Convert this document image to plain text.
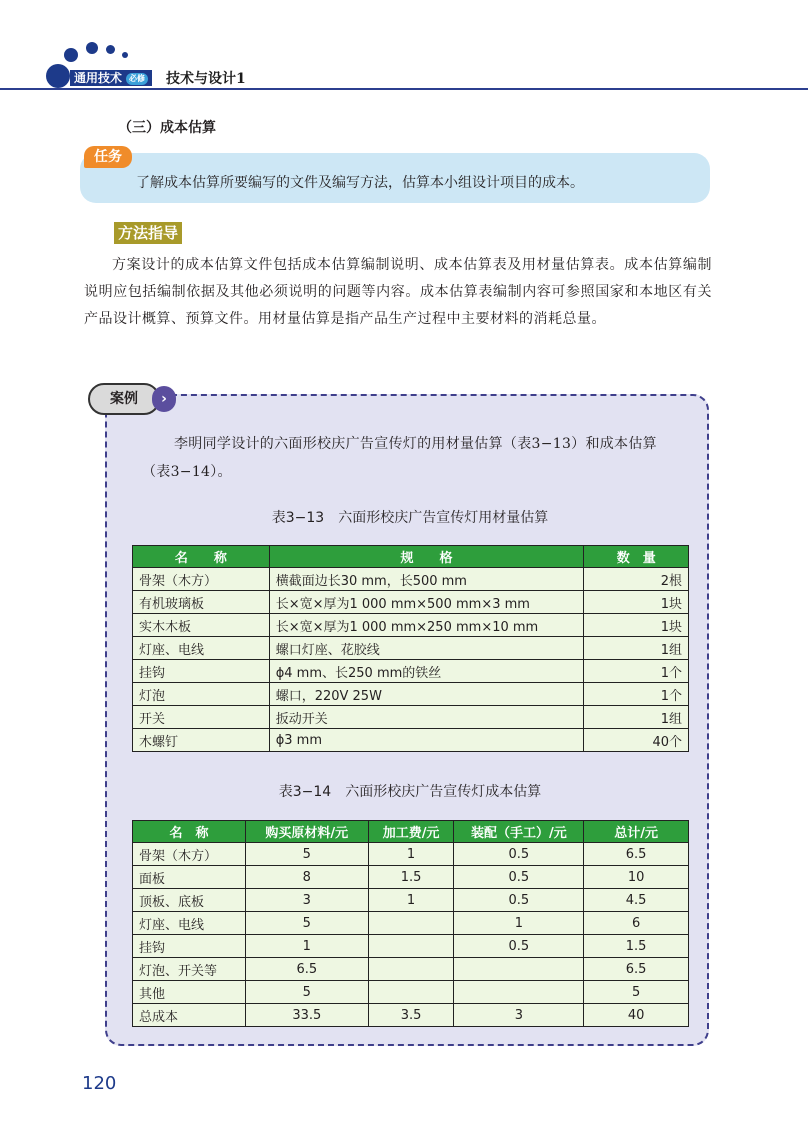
通用技术 必修	技术与设计1
（三）成本估算
任务
了解成本估算所要编写的文件及编写方法，估算本小组设计项目的成本。
方法指导
方案设计的成本估算文件包括成本估算编制说明、成本估算表及用材量估算表。成本估算编制说明应包括编制依据及其他必须说明的问题等内容。成本估算表编制内容可参照国家和本地区有关产品设计概算、预算文件。用材量估算是指产品生产过程中主要材料的消耗总量。
案例	›
李明同学设计的六面形校庆广告宣传灯的用材量估算（表3−13）和成本估算（表3−14）。
表3−13　六面形校庆广告宣传灯用材量估算
名　　称	规　　格	数　量
骨架（木方）	横截面边长30 mm，长500 mm	2根
有机玻璃板	长×宽×厚为1 000 mm×500 mm×3 mm	1块
实木木板	长×宽×厚为1 000 mm×250 mm×10 mm	1块
灯座、电线	螺口灯座、花胶线	1组
挂钩	ϕ4 mm、长250 mm的铁丝	1个
灯泡	螺口，220V 25W	1个
开关	扳动开关	1组
木螺钉	ϕ3 mm	40个
表3−14　六面形校庆广告宣传灯成本估算
名　称	购买原材料/元	加工费/元	装配（手工）/元	总计/元
骨架（木方）	5	1	0.5	6.5
面板	8	1.5	0.5	10
顶板、底板	3	1	0.5	4.5
灯座、电线	5		1	6
挂钩	1		0.5	1.5
灯泡、开关等	6.5			6.5
其他	5			5
总成本	33.5	3.5	3	40
120
